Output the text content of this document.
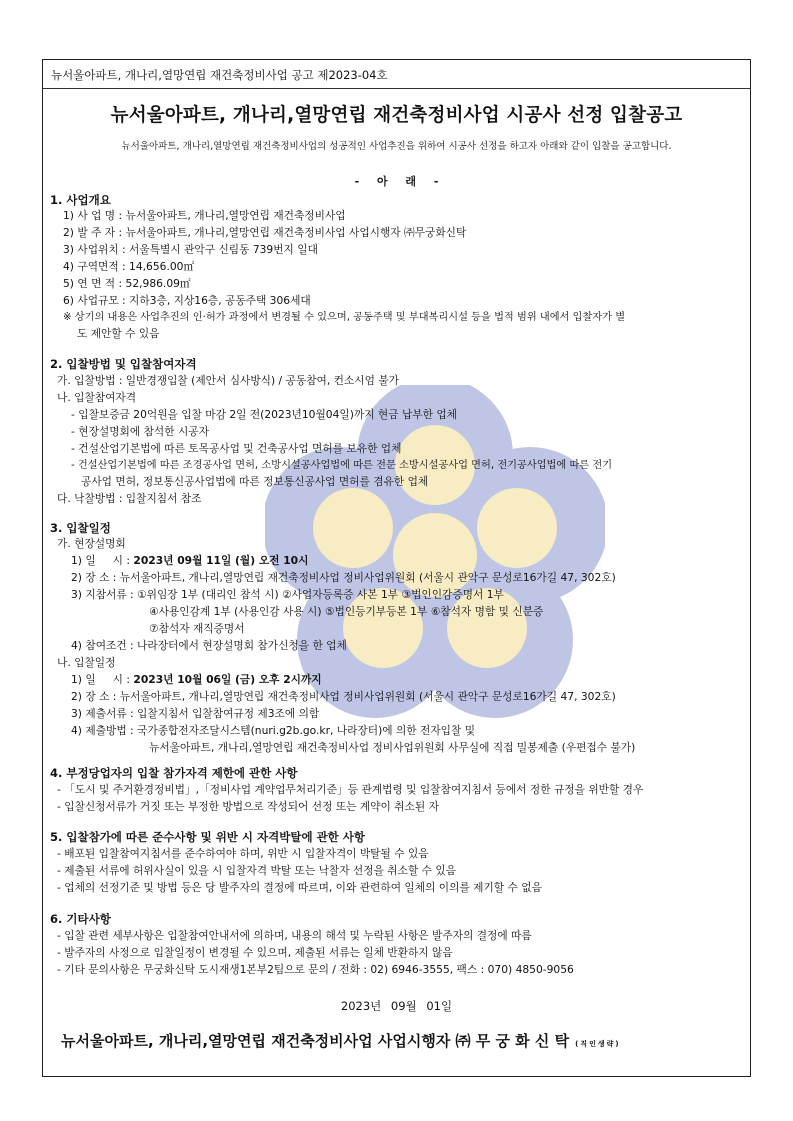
뉴서울아파트, 개나리,열망연립 재건축정비사업 공고 제2023-04호
뉴서울아파트, 개나리,열망연립 재건축정비사업 시공사 선정 입찰공고
뉴서울아파트, 개나리,열망연립 재건축정비사업의 성공적인 사업추진을 위하여 시공사 선정을 하고자 아래와 같이 입찰을 공고합니다.
- 아 래 -
1. 사업개요
1) 사 업 명 : 뉴서울아파트, 개나리,열망연립 재건축정비사업
2) 발 주 자 : 뉴서울아파트, 개나리,열망연립 재건축정비사업 사업시행자 ㈜무궁화신탁
3) 사업위치 : 서울특별시 관악구 신림동 739번지 일대
4) 구역면적 : 14,656.00㎡
5) 연 면 적 : 52,986.09㎡
6) 사업규모 : 지하3층, 지상16층, 공동주택 306세대
※ 상기의 내용은 사업추진의 인·허가 과정에서 변경될 수 있으며, 공동주택 및 부대복리시설 등을 법적 범위 내에서 입찰자가 별
도 제안할 수 있음
2. 입찰방법 및 입찰참여자격
가. 입찰방법 : 일반경쟁입찰 (제안서 심사방식) / 공동참여, 컨소시엄 불가
나. 입찰참여자격
- 입찰보증금 20억원을 입찰 마감 2일 전(2023년10월04일)까지 현금 납부한 업체
- 현장설명회에 참석한 시공자
- 건설산업기본법에 따른 토목공사업 및 건축공사업 면허를 보유한 업체
- 건설산업기본법에 따른 조경공사업 면허, 소방시설공사업법에 따른 전문 소방시설공사업 면허, 전기공사업법에 따른 전기
공사업 면허, 정보통신공사업법에 따른 정보통신공사업 면허를 겸유한 업체
다. 낙찰방법 : 입찰지침서 참조
3. 입찰일정
가. 현장설명회
1) 일     시 : 2023년 09월 11일 (월) 오전 10시
2) 장 소 : 뉴서울아파트, 개나리,열망연립 재건축정비사업 정비사업위원회 (서울시 관악구 문성로16가길 47, 302호)
3) 지참서류 : ①위임장 1부 (대리인 참석 시) ②사업자등록증 사본 1부 ③법인인감증명서 1부
④사용인감계 1부 (사용인감 사용 시) ⑤법인등기부등본 1부 ⑥참석자 명함 및 신분증
⑦참석자 재직증명서
4) 참여조건 : 나라장터에서 현장설명회 참가신청을 한 업체
나. 입찰일정
1) 일     시 : 2023년 10월 06일 (금) 오후 2시까지
2) 장 소 : 뉴서울아파트, 개나리,열망연립 재건축정비사업 정비사업위원회 (서울시 관악구 문성로16가길 47, 302호)
3) 제출서류 : 입찰지침서 입찰참여규정 제3조에 의함
4) 제출방법 : 국가종합전자조달시스템(nuri.g2b.go.kr, 나라장터)에 의한 전자입찰 및
뉴서울아파트, 개나리,열망연립 재건축정비사업 정비사업위원회 사무실에 직접 밀봉제출 (우편접수 불가)
4. 부정당업자의 입찰 참가자격 제한에 관한 사항
- 「도시 및 주거환경정비법」,「정비사업 계약업무처리기준」등 관계법령 및 입찰참여지침서 등에서 정한 규정을 위반할 경우
- 입찰신청서류가 거짓 또는 부정한 방법으로 작성되어 선정 또는 계약이 취소된 자
5. 입찰참가에 따른 준수사항 및 위반 시 자격박탈에 관한 사항
- 배포된 입찰참여지침서를 준수하여야 하며, 위반 시 입찰자격이 박탈될 수 있음
- 제출된 서류에 허위사실이 있을 시 입찰자격 박탈 또는 낙찰자 선정을 취소할 수 있음
- 업체의 선정기준 및 방법 등은 당 발주자의 결정에 따르며, 이와 관련하여 일체의 이의를 제기할 수 없음
6. 기타사항
- 입찰 관련 세부사항은 입찰참여안내서에 의하며, 내용의 해석 및 누락된 사항은 발주자의 결정에 따름
- 발주자의 사정으로 입찰일정이 변경될 수 있으며, 제출된 서류는 일체 반환하지 않음
- 기타 문의사항은 무궁화신탁 도시재생1본부2팀으로 문의 / 전화 : 02) 6946-3555, 팩스 : 070) 4850-9056
2023년 09월 01일
뉴서울아파트, 개나리,열망연립 재건축정비사업 사업시행자 ㈜ 무 궁 화 신 탁 (직인생략)
